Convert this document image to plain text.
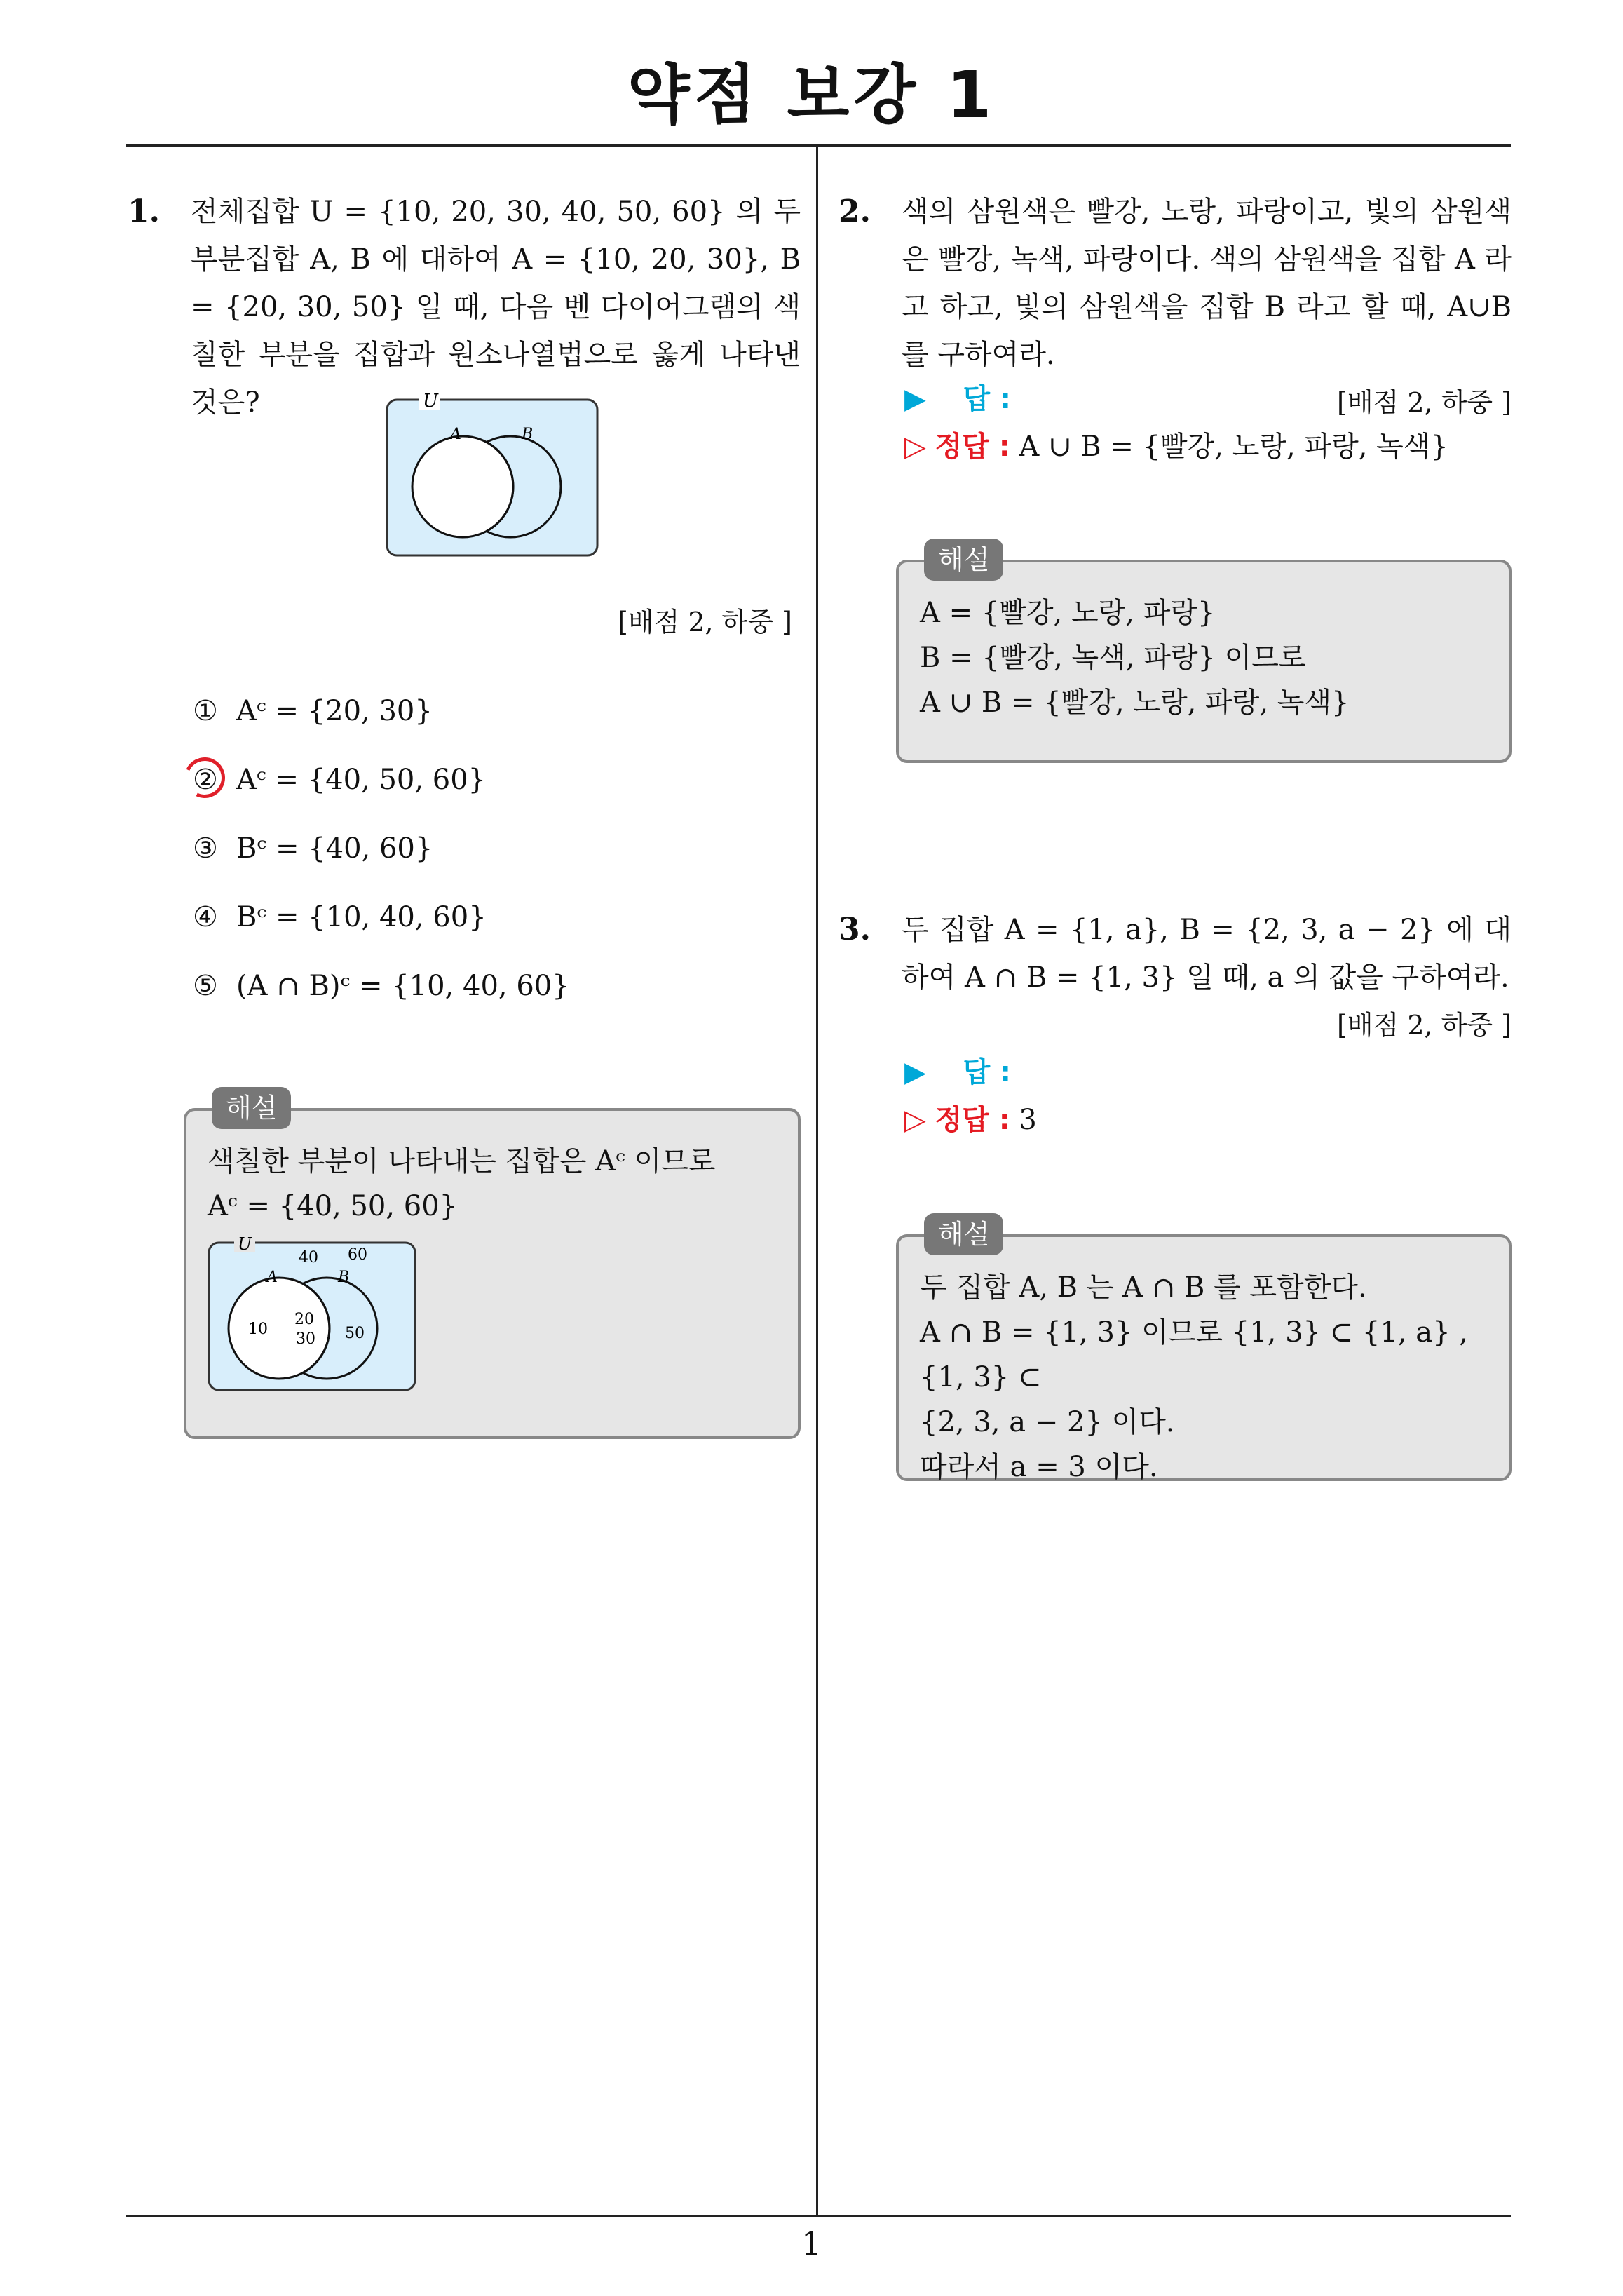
약점 보강 1
1
1. 전체집합 U = {10, 20, 30, 40, 50, 60} 의 두 부분집합 A, B 에 대하여 A = {10, 20, 30}, B = {20, 30, 50} 일 때, 다음 벤 다이어그램의 색칠한 부분을 집합과 원소나열법으로 옳게 나타낸 것은?	U
A	B
[배점 2, 하중 ]
① Aᶜ = {20, 30}
② Aᶜ = {40, 50, 60}
③ Bᶜ = {40, 60}
④ Bᶜ = {10, 40, 60}
⑤ (A ∩ B)ᶜ = {10, 40, 60}
해설
색칠한 부분이 나타내는 집합은 Aᶜ 이므로
Aᶜ = {40, 50, 60}
U
A	B
40 60
10
20
30 50
2. 색의 삼원색은 빨강, 노랑, 파랑이고, 빛의 삼원색은 빨강, 녹색, 파랑이다. 색의 삼원색을 집합 A 라고 하고, 빛의 삼원색을 집합 B 라고 할 때, A∪B 를 구하여라.
[배점 2, 하중 ]
▶ 답 :
▷ 정답 : A ∪ B = {빨강, 노랑, 파랑, 녹색}
해설
A = {빨강, 노랑, 파랑}
B = {빨강, 녹색, 파랑} 이므로
A ∪ B = {빨강, 노랑, 파랑, 녹색}
3. 두 집합 A = {1, a}, B = {2, 3, a − 2} 에 대하여 A ∩ B = {1, 3} 일 때, a 의 값을 구하여라.
[배점 2, 하중 ]
▶ 답 :
▷ 정답 : 3
해설
두 집합 A, B 는 A ∩ B 를 포함한다.
A ∩ B = {1, 3} 이므로 {1, 3} ⊂ {1, a} , {1, 3} ⊂
{2, 3, a − 2} 이다.
따라서 a = 3 이다.
